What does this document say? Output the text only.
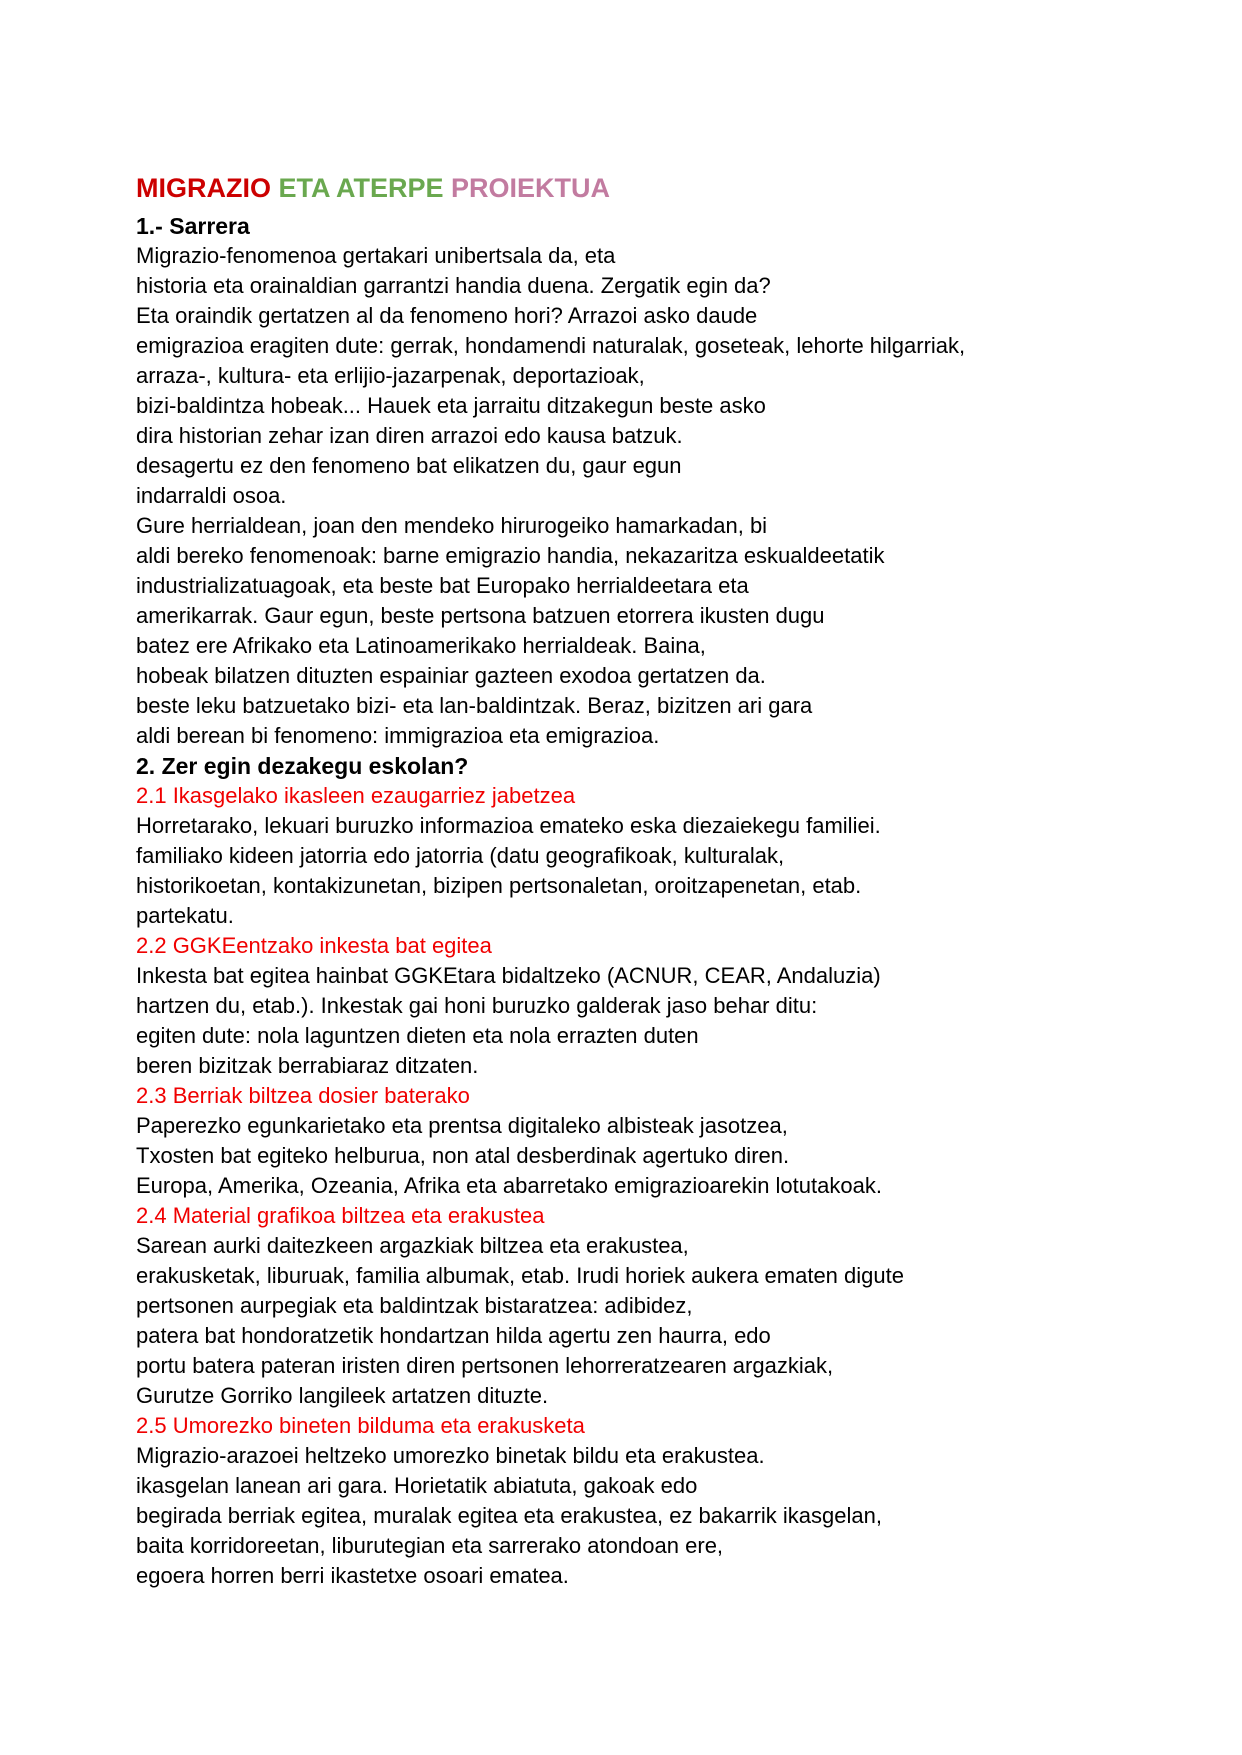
MIGRAZIO ETA ATERPE PROIEKTUA
1.- Sarrera
Migrazio-fenomenoa gertakari unibertsala da, eta
historia eta orainaldian garrantzi handia duena. Zergatik egin da?
Eta oraindik gertatzen al da fenomeno hori? Arrazoi asko daude
emigrazioa eragiten dute: gerrak, hondamendi naturalak, goseteak, lehorte hilgarriak,
arraza-, kultura- eta erlijio-jazarpenak, deportazioak,
bizi-baldintza hobeak... Hauek eta jarraitu ditzakegun beste asko
dira historian zehar izan diren arrazoi edo kausa batzuk.
desagertu ez den fenomeno bat elikatzen du, gaur egun
indarraldi osoa.
Gure herrialdean, joan den mendeko hirurogeiko hamarkadan, bi
aldi bereko fenomenoak: barne emigrazio handia, nekazaritza eskualdeetatik
industrializatuagoak, eta beste bat Europako herrialdeetara eta
amerikarrak. Gaur egun, beste pertsona batzuen etorrera ikusten dugu
batez ere Afrikako eta Latinoamerikako herrialdeak. Baina,
hobeak bilatzen dituzten espainiar gazteen exodoa gertatzen da.
beste leku batzuetako bizi- eta lan-baldintzak. Beraz, bizitzen ari gara
aldi berean bi fenomeno: immigrazioa eta emigrazioa.
2. Zer egin dezakegu eskolan?
2.1 Ikasgelako ikasleen ezaugarriez jabetzea
Horretarako, lekuari buruzko informazioa emateko eska diezaiekegu familiei.
familiako kideen jatorria edo jatorria (datu geografikoak, kulturalak,
historikoetan, kontakizunetan, bizipen pertsonaletan, oroitzapenetan, etab.
partekatu.
2.2 GGKEentzako inkesta bat egitea
Inkesta bat egitea hainbat GGKEtara bidaltzeko (ACNUR, CEAR, Andaluzia)
hartzen du, etab.). Inkestak gai honi buruzko galderak jaso behar ditu:
egiten dute: nola laguntzen dieten eta nola errazten duten
beren bizitzak berrabiaraz ditzaten.
2.3 Berriak biltzea dosier baterako
Paperezko egunkarietako eta prentsa digitaleko albisteak jasotzea,
Txosten bat egiteko helburua, non atal desberdinak agertuko diren.
Europa, Amerika, Ozeania, Afrika eta abarretako emigrazioarekin lotutakoak.
2.4 Material grafikoa biltzea eta erakustea
Sarean aurki daitezkeen argazkiak biltzea eta erakustea,
erakusketak, liburuak, familia albumak, etab. Irudi horiek aukera ematen digute
pertsonen aurpegiak eta baldintzak bistaratzea: adibidez,
patera bat hondoratzetik hondartzan hilda agertu zen haurra, edo
portu batera pateran iristen diren pertsonen lehorreratzearen argazkiak,
Gurutze Gorriko langileek artatzen dituzte.
2.5 Umorezko bineten bilduma eta erakusketa
Migrazio-arazoei heltzeko umorezko binetak bildu eta erakustea.
ikasgelan lanean ari gara. Horietatik abiatuta, gakoak edo
begirada berriak egitea, muralak egitea eta erakustea, ez bakarrik ikasgelan,
baita korridoreetan, liburutegian eta sarrerako atondoan ere,
egoera horren berri ikastetxe osoari ematea.
